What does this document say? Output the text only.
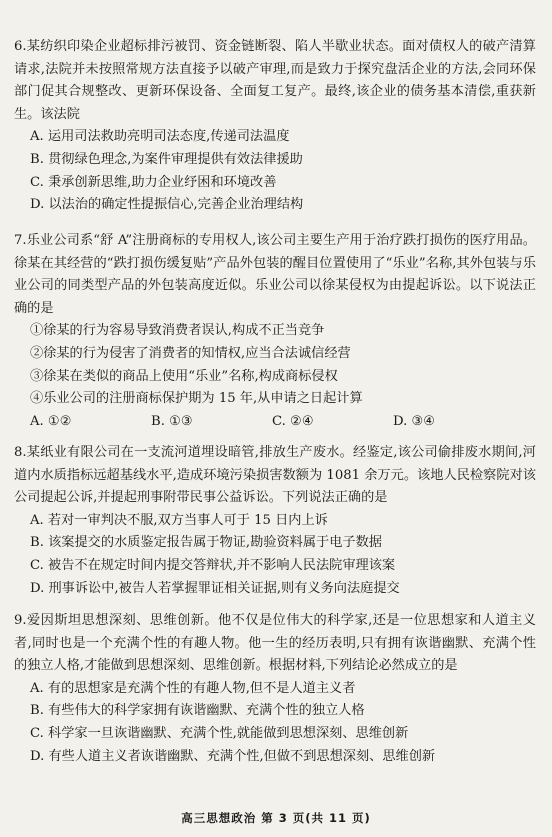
6.某纺织印染企业超标排污被罚、资金链断裂、陷人半歇业状态。面对债权人的破产清算请求,法院并未按照常规方法直接予以破产审理,而是致力于探究盘活企业的方法,会同环保部门促其合规整改、更新环保设备、全面复工复产。最终,该企业的债务基本清偿,重获新生。该法院
A. 运用司法救助亮明司法态度,传递司法温度
B. 贯彻绿色理念,为案件审理提供有效法律援助
C. 秉承创新思维,助力企业纾困和环境改善
D. 以法治的确定性提振信心,完善企业治理结构
7.乐业公司系“舒 A”注册商标的专用权人,该公司主要生产用于治疗跌打损伤的医疗用品。徐某在其经营的“跌打损伤缓复贴”产品外包装的醒目位置使用了“乐业”名称,其外包装与乐业公司的同类型产品的外包装高度近似。乐业公司以徐某侵权为由提起诉讼。以下说法正确的是
①徐某的行为容易导致消费者误认,构成不正当竞争
②徐某的行为侵害了消费者的知情权,应当合法诚信经营
③徐某在类似的商品上使用“乐业”名称,构成商标侵权
④乐业公司的注册商标保护期为 15 年,从申请之日起计算
A. ①②	B. ①③	C. ②④	D. ③④
8.某纸业有限公司在一支流河道埋设暗管,排放生产废水。经鉴定,该公司偷排废水期间,河道内水质指标远超基线水平,造成环境污染损害数额为 1081 余万元。该地人民检察院对该公司提起公诉,并提起刑事附带民事公益诉讼。下列说法正确的是
A. 若对一审判决不服,双方当事人可于 15 日内上诉
B. 该案提交的水质鉴定报告属于物证,勘验资料属于电子数据
C. 被告不在规定时间内提交答辩状,并不影响人民法院审理该案
D. 刑事诉讼中,被告人若掌握罪证相关证据,则有义务向法庭提交
9.爱因斯坦思想深刻、思维创新。他不仅是位伟大的科学家,还是一位思想家和人道主义者,同时也是一个充满个性的有趣人物。他一生的经历表明,只有拥有诙谐幽默、充满个性的独立人格,才能做到思想深刻、思维创新。根据材料,下列结论必然成立的是
A. 有的思想家是充满个性的有趣人物,但不是人道主义者
B. 有些伟大的科学家拥有诙谐幽默、充满个性的独立人格
C. 科学家一旦诙谐幽默、充满个性,就能做到思想深刻、思维创新
D. 有些人道主义者诙谐幽默、充满个性,但做不到思想深刻、思维创新
高三思想政治 第 3 页(共 11 页)
